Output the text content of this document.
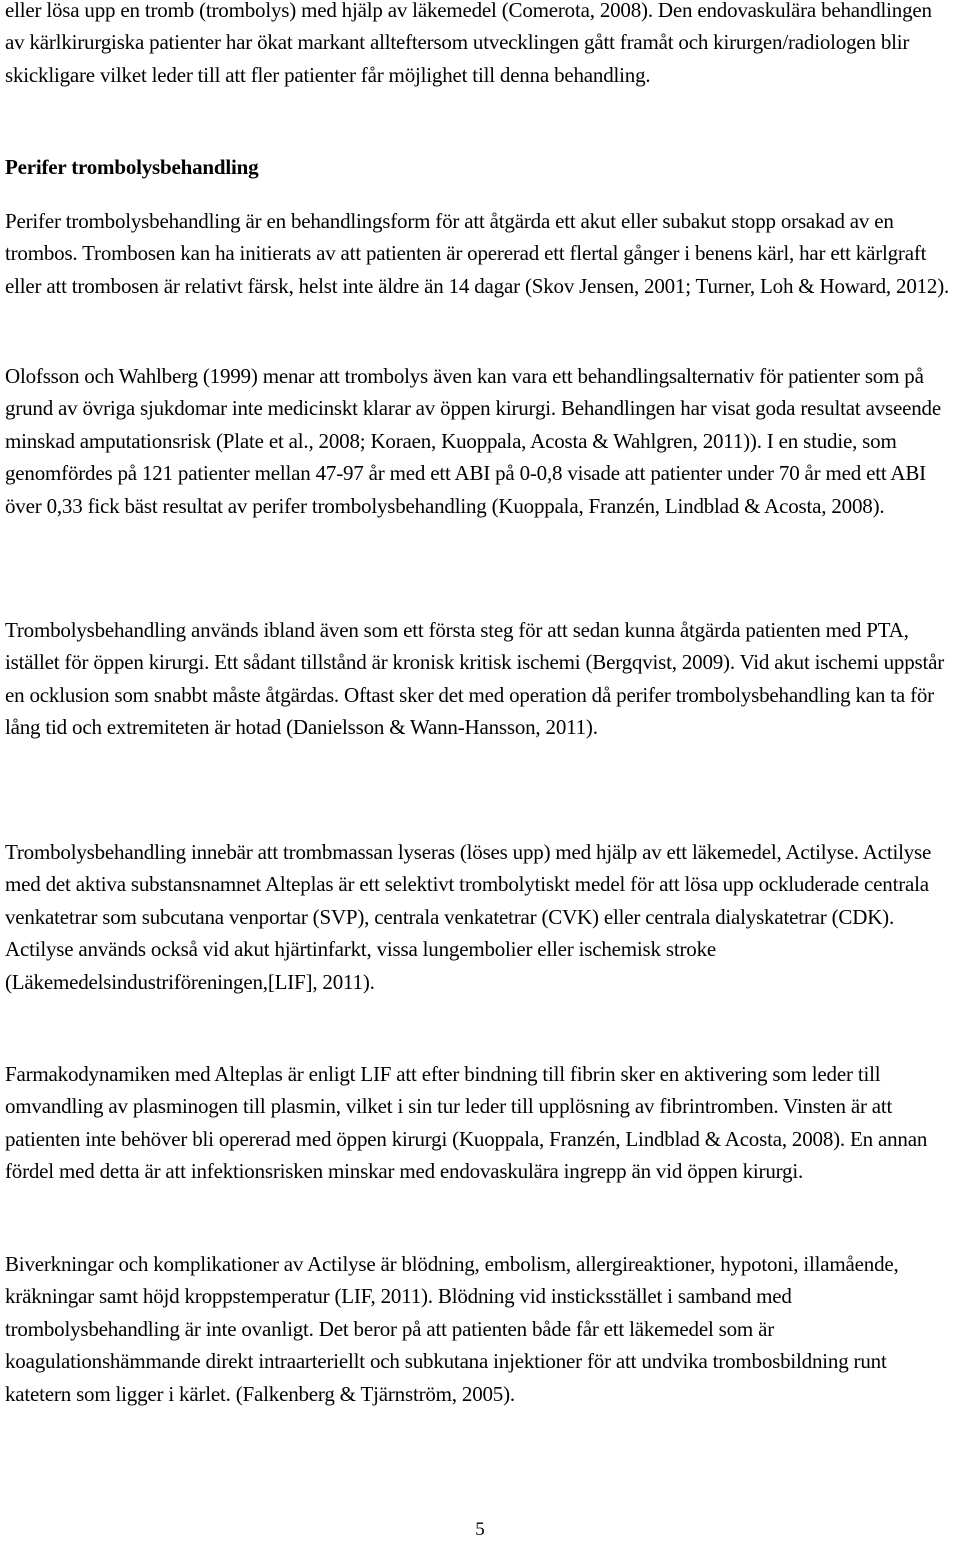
eller lösa upp en tromb (trombolys) med hjälp av läkemedel (Comerota, 2008). Den endovaskulära behandlingen av kärlkirurgiska patienter har ökat markant allteftersom utvecklingen gått framåt och kirurgen/radiologen blir skickligare vilket leder till att fler patienter får möjlighet till denna behandling.

Perifer trombolysbehandling

Perifer trombolysbehandling är en behandlingsform för att åtgärda ett akut eller subakut stopp orsakad av en trombos. Trombosen kan ha initierats av att patienten är opererad ett flertal gånger i benens kärl, har ett kärlgraft eller att trombosen är relativt färsk, helst inte äldre än 14 dagar (Skov Jensen, 2001; Turner, Loh & Howard, 2012).

Olofsson och Wahlberg (1999) menar att trombolys även kan vara ett behandlingsalternativ för patienter som på grund av övriga sjukdomar inte medicinskt klarar av öppen kirurgi. Behandlingen har visat goda resultat avseende minskad amputationsrisk (Plate et al., 2008; Koraen, Kuoppala, Acosta & Wahlgren, 2011)). I en studie, som genomfördes på 121 patienter mellan 47-97 år med ett ABI på 0-0,8 visade att patienter under 70 år med ett ABI över 0,33 fick bäst resultat av perifer trombolysbehandling (Kuoppala, Franzén, Lindblad & Acosta, 2008).

Trombolysbehandling används ibland även som ett första steg för att sedan kunna åtgärda patienten med PTA, istället för öppen kirurgi. Ett sådant tillstånd är kronisk kritisk ischemi (Bergqvist, 2009). Vid akut ischemi uppstår en ocklusion som snabbt måste åtgärdas. Oftast sker det med operation då perifer trombolysbehandling kan ta för lång tid och extremiteten är hotad (Danielsson & Wann-Hansson, 2011).

Trombolysbehandling innebär att trombmassan lyseras (löses upp) med hjälp av ett läkemedel, Actilyse. Actilyse med det aktiva substansnamnet Alteplas är ett selektivt trombolytiskt medel för att lösa upp ockluderade centrala venkatetrar som subcutana venportar (SVP), centrala venkatetrar (CVK) eller centrala dialyskatetrar (CDK). Actilyse används också vid akut hjärtinfarkt, vissa lungembolier eller ischemisk stroke (Läkemedelsindustriföreningen,[LIF], 2011).

Farmakodynamiken med Alteplas är enligt LIF att efter bindning till fibrin sker en aktivering som leder till omvandling av plasminogen till plasmin, vilket i sin tur leder till upplösning av fibrintromben. Vinsten är att patienten inte behöver bli opererad med öppen kirurgi (Kuoppala, Franzén, Lindblad & Acosta, 2008). En annan fördel med detta är att infektionsrisken minskar med endovaskulära ingrepp än vid öppen kirurgi.

Biverkningar och komplikationer av Actilyse är blödning, embolism, allergireaktioner, hypotoni, illamående, kräkningar samt höjd kroppstemperatur (LIF, 2011). Blödning vid insticksstället i samband med trombolysbehandling är inte ovanligt. Det beror på att patienten både får ett läkemedel som är koagulationshämmande direkt intraarteriellt och subkutana injektioner för att undvika trombosbildning runt katetern som ligger i kärlet. (Falkenberg & Tjärnström, 2005).

5
